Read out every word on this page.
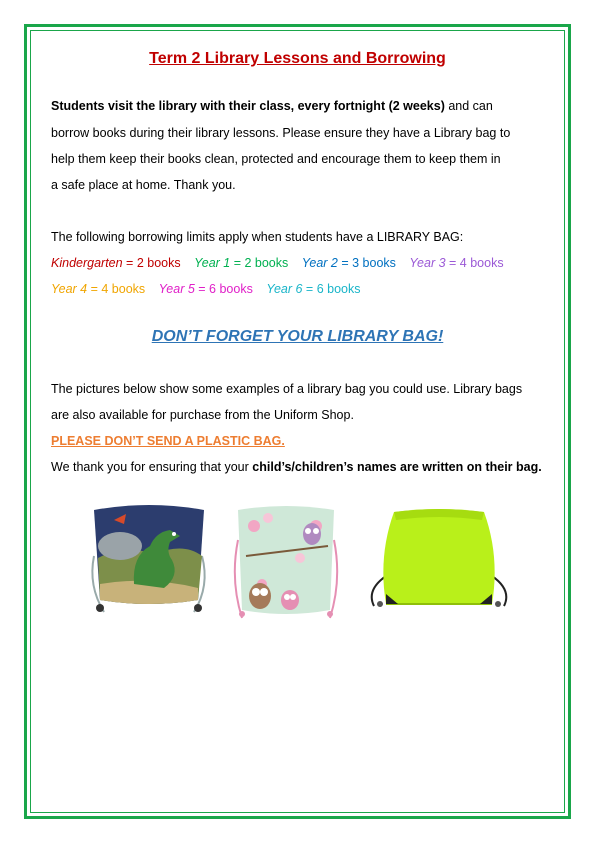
Term 2 Library Lessons and Borrowing
Students visit the library with their class, every fortnight (2 weeks) and can
borrow books during their library lessons. Please ensure they have a Library bag to
help them keep their books clean, protected and encourage them to keep them in
a safe place at home. Thank you.
The following borrowing limits apply when students have a LIBRARY BAG:
Kindergarten = 2 books Year 1 = 2 books Year 2 = 3 books Year 3 = 4 books
Year 4 = 4 books Year 5 = 6 books Year 6 = 6 books
DON’T FORGET YOUR LIBRARY BAG!
The pictures below show some examples of a library bag you could use. Library bags
are also available for purchase from the Uniform Shop.
PLEASE DON’T SEND A PLASTIC BAG.
We thank you for ensuring that your child’s/children’s names are written on their bag.
